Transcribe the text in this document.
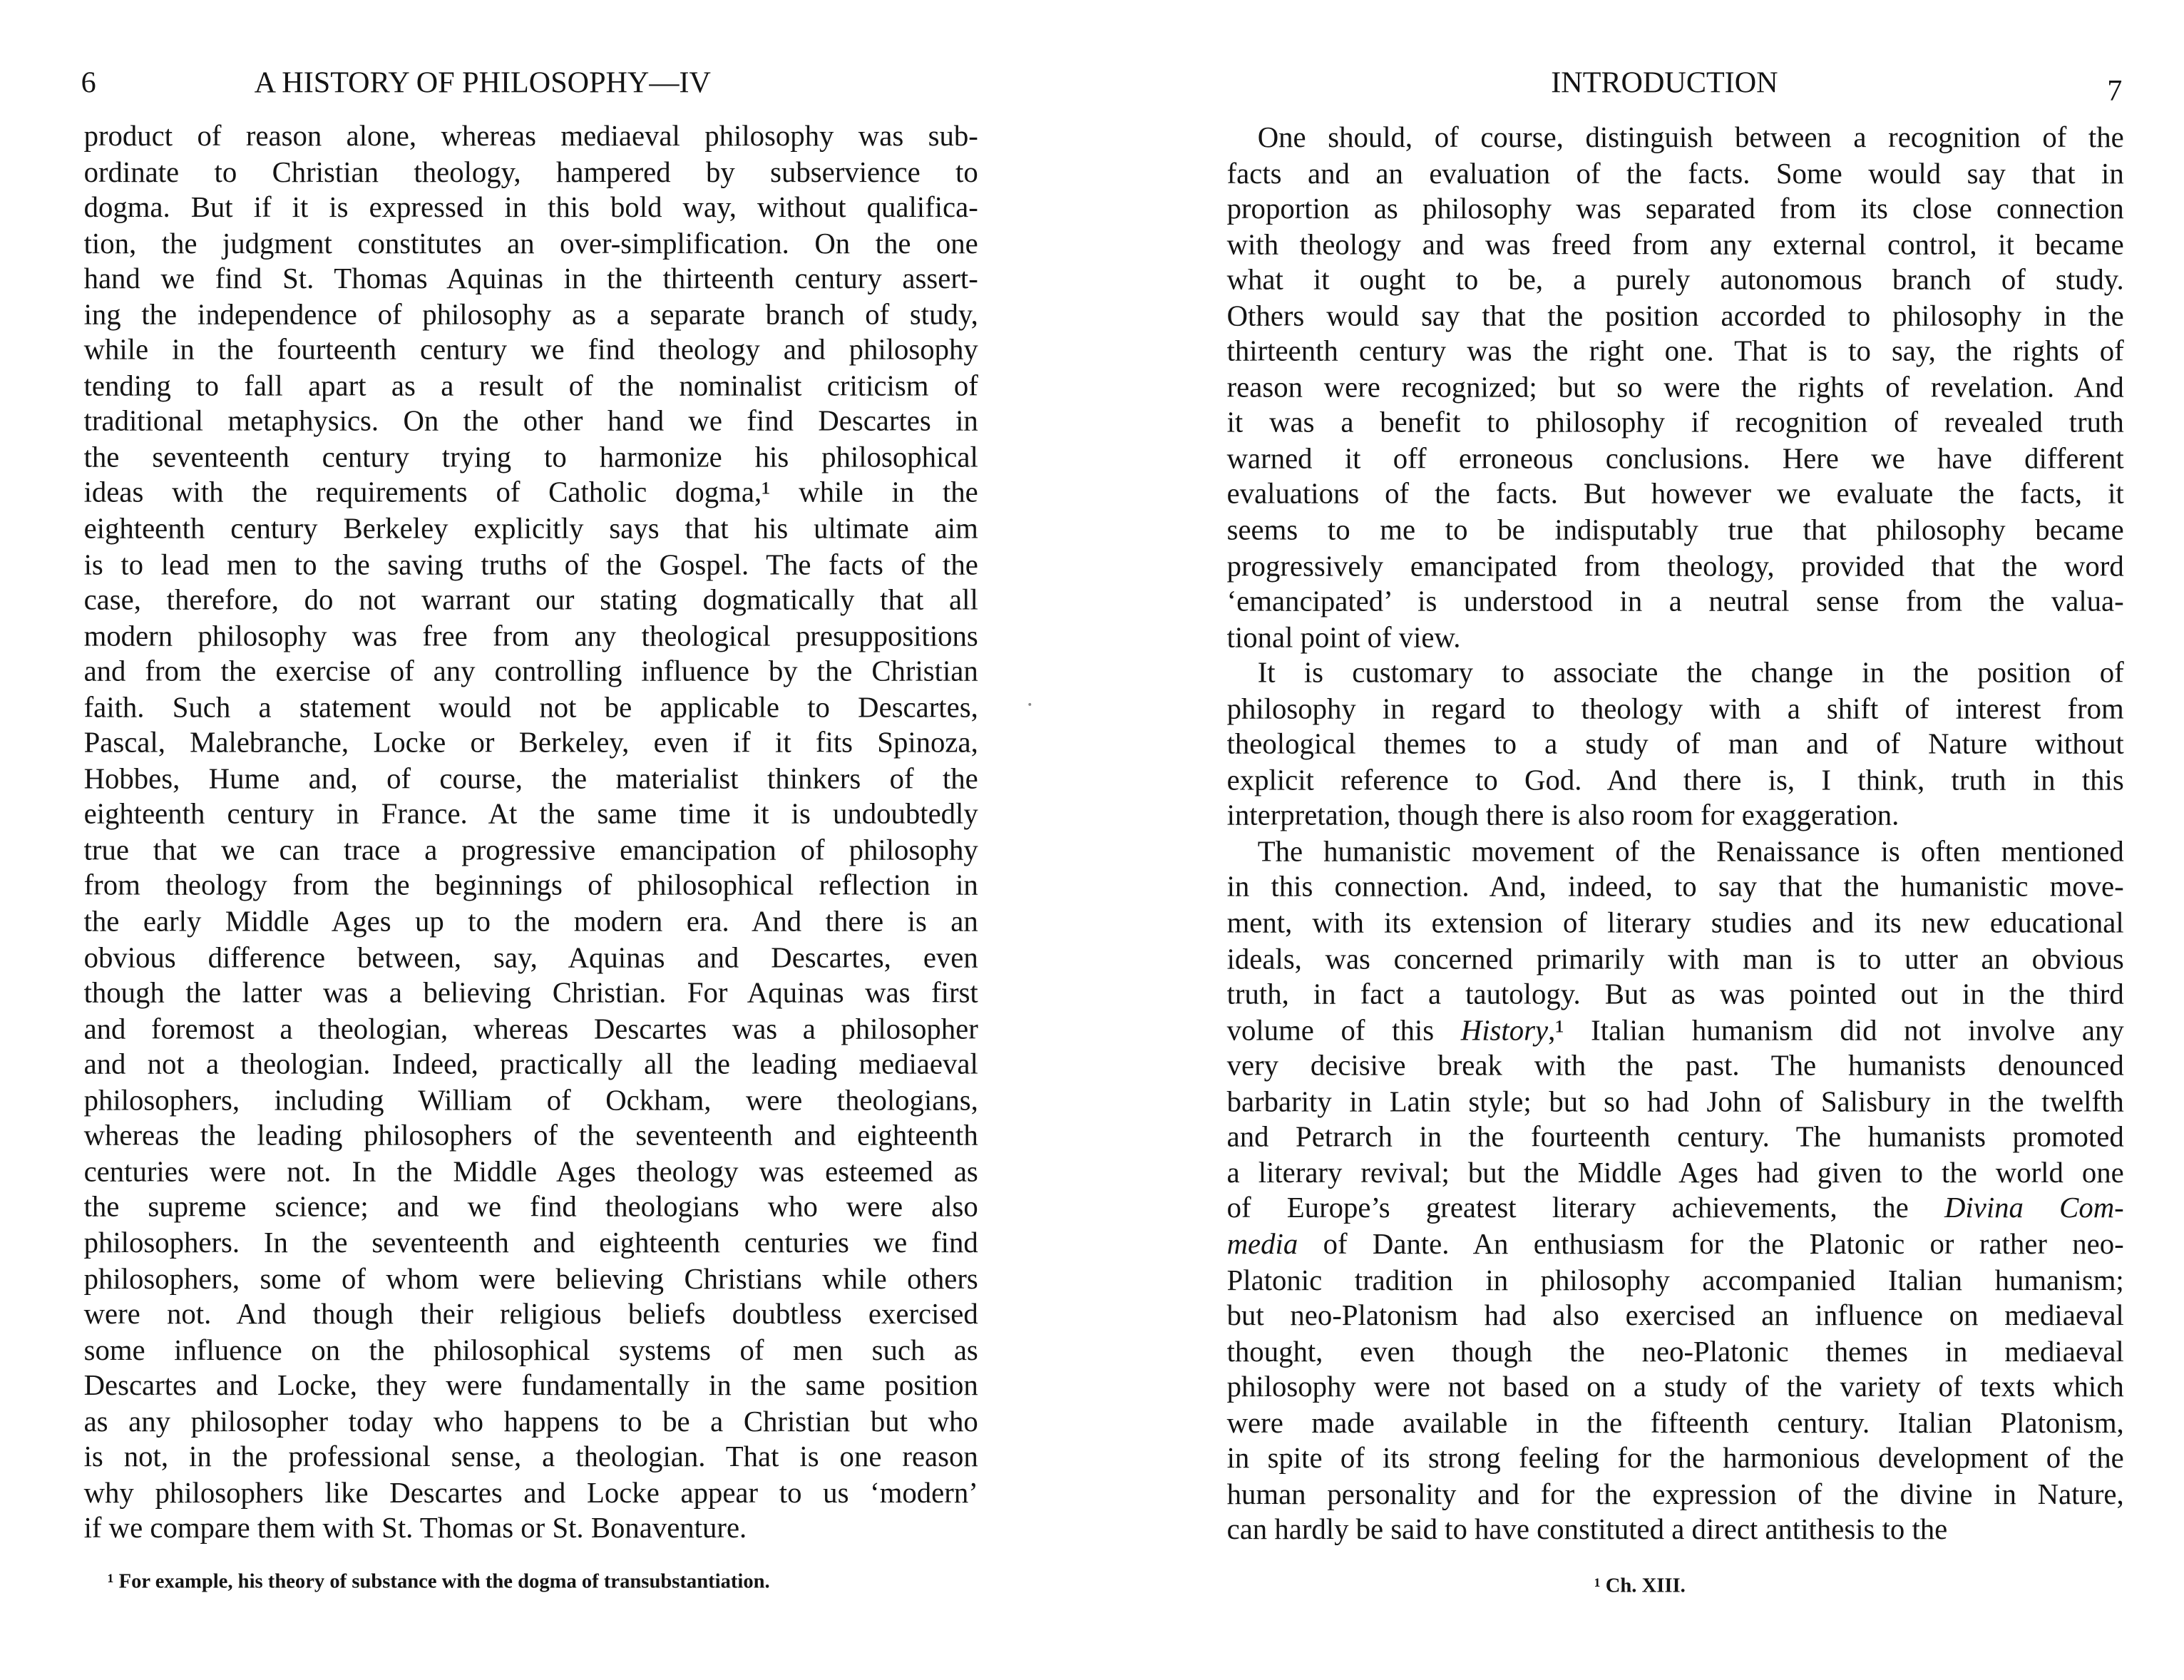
6	A HISTORY OF PHILOSOPHY—IV
product of reason alone, whereas mediaeval philosophy was sub-
ordinate to Christian theology, hampered by subservience to
dogma. But if it is expressed in this bold way, without qualifica-
tion, the judgment constitutes an over-simplification. On the one
hand we find St. Thomas Aquinas in the thirteenth century assert-
ing the independence of philosophy as a separate branch of study,
while in the fourteenth century we find theology and philosophy
tending to fall apart as a result of the nominalist criticism of
traditional metaphysics. On the other hand we find Descartes in
the seventeenth century trying to harmonize his philosophical
ideas with the requirements of Catholic dogma,¹ while in the
eighteenth century Berkeley explicitly says that his ultimate aim
is to lead men to the saving truths of the Gospel. The facts of the
case, therefore, do not warrant our stating dogmatically that all
modern philosophy was free from any theological presuppositions
and from the exercise of any controlling influence by the Christian
faith. Such a statement would not be applicable to Descartes,
Pascal, Malebranche, Locke or Berkeley, even if it fits Spinoza,
Hobbes, Hume and, of course, the materialist thinkers of the
eighteenth century in France. At the same time it is undoubtedly
true that we can trace a progressive emancipation of philosophy
from theology from the beginnings of philosophical reflection in
the early Middle Ages up to the modern era. And there is an
obvious difference between, say, Aquinas and Descartes, even
though the latter was a believing Christian. For Aquinas was first
and foremost a theologian, whereas Descartes was a philosopher
and not a theologian. Indeed, practically all the leading mediaeval
philosophers, including William of Ockham, were theologians,
whereas the leading philosophers of the seventeenth and eighteenth
centuries were not. In the Middle Ages theology was esteemed as
the supreme science; and we find theologians who were also
philosophers. In the seventeenth and eighteenth centuries we find
philosophers, some of whom were believing Christians while others
were not. And though their religious beliefs doubtless exercised
some influence on the philosophical systems of men such as
Descartes and Locke, they were fundamentally in the same position
as any philosopher today who happens to be a Christian but who
is not, in the professional sense, a theologian. That is one reason
why philosophers like Descartes and Locke appear to us ‘modern’
if we compare them with St. Thomas or St. Bonaventure.
¹ For example, his theory of substance with the dogma of transubstantiation.
INTRODUCTION	7
One should, of course, distinguish between a recognition of the
facts and an evaluation of the facts. Some would say that in
proportion as philosophy was separated from its close connection
with theology and was freed from any external control, it became
what it ought to be, a purely autonomous branch of study.
Others would say that the position accorded to philosophy in the
thirteenth century was the right one. That is to say, the rights of
reason were recognized; but so were the rights of revelation. And
it was a benefit to philosophy if recognition of revealed truth
warned it off erroneous conclusions. Here we have different
evaluations of the facts. But however we evaluate the facts, it
seems to me to be indisputably true that philosophy became
progressively emancipated from theology, provided that the word
‘emancipated’ is understood in a neutral sense from the valua-
tional point of view.
It is customary to associate the change in the position of
philosophy in regard to theology with a shift of interest from
theological themes to a study of man and of Nature without
explicit reference to God. And there is, I think, truth in this
interpretation, though there is also room for exaggeration.
The humanistic movement of the Renaissance is often mentioned
in this connection. And, indeed, to say that the humanistic move-
ment, with its extension of literary studies and its new educational
ideals, was concerned primarily with man is to utter an obvious
truth, in fact a tautology. But as was pointed out in the third
volume of this History,¹ Italian humanism did not involve any
very decisive break with the past. The humanists denounced
barbarity in Latin style; but so had John of Salisbury in the twelfth
and Petrarch in the fourteenth century. The humanists promoted
a literary revival; but the Middle Ages had given to the world one
of Europe’s greatest literary achievements, the Divina Com-
media of Dante. An enthusiasm for the Platonic or rather neo-
Platonic tradition in philosophy accompanied Italian humanism;
but neo-Platonism had also exercised an influence on mediaeval
thought, even though the neo-Platonic themes in mediaeval
philosophy were not based on a study of the variety of texts which
were made available in the fifteenth century. Italian Platonism,
in spite of its strong feeling for the harmonious development of the
human personality and for the expression of the divine in Nature,
can hardly be said to have constituted a direct antithesis to the
¹ Ch. XIII.
